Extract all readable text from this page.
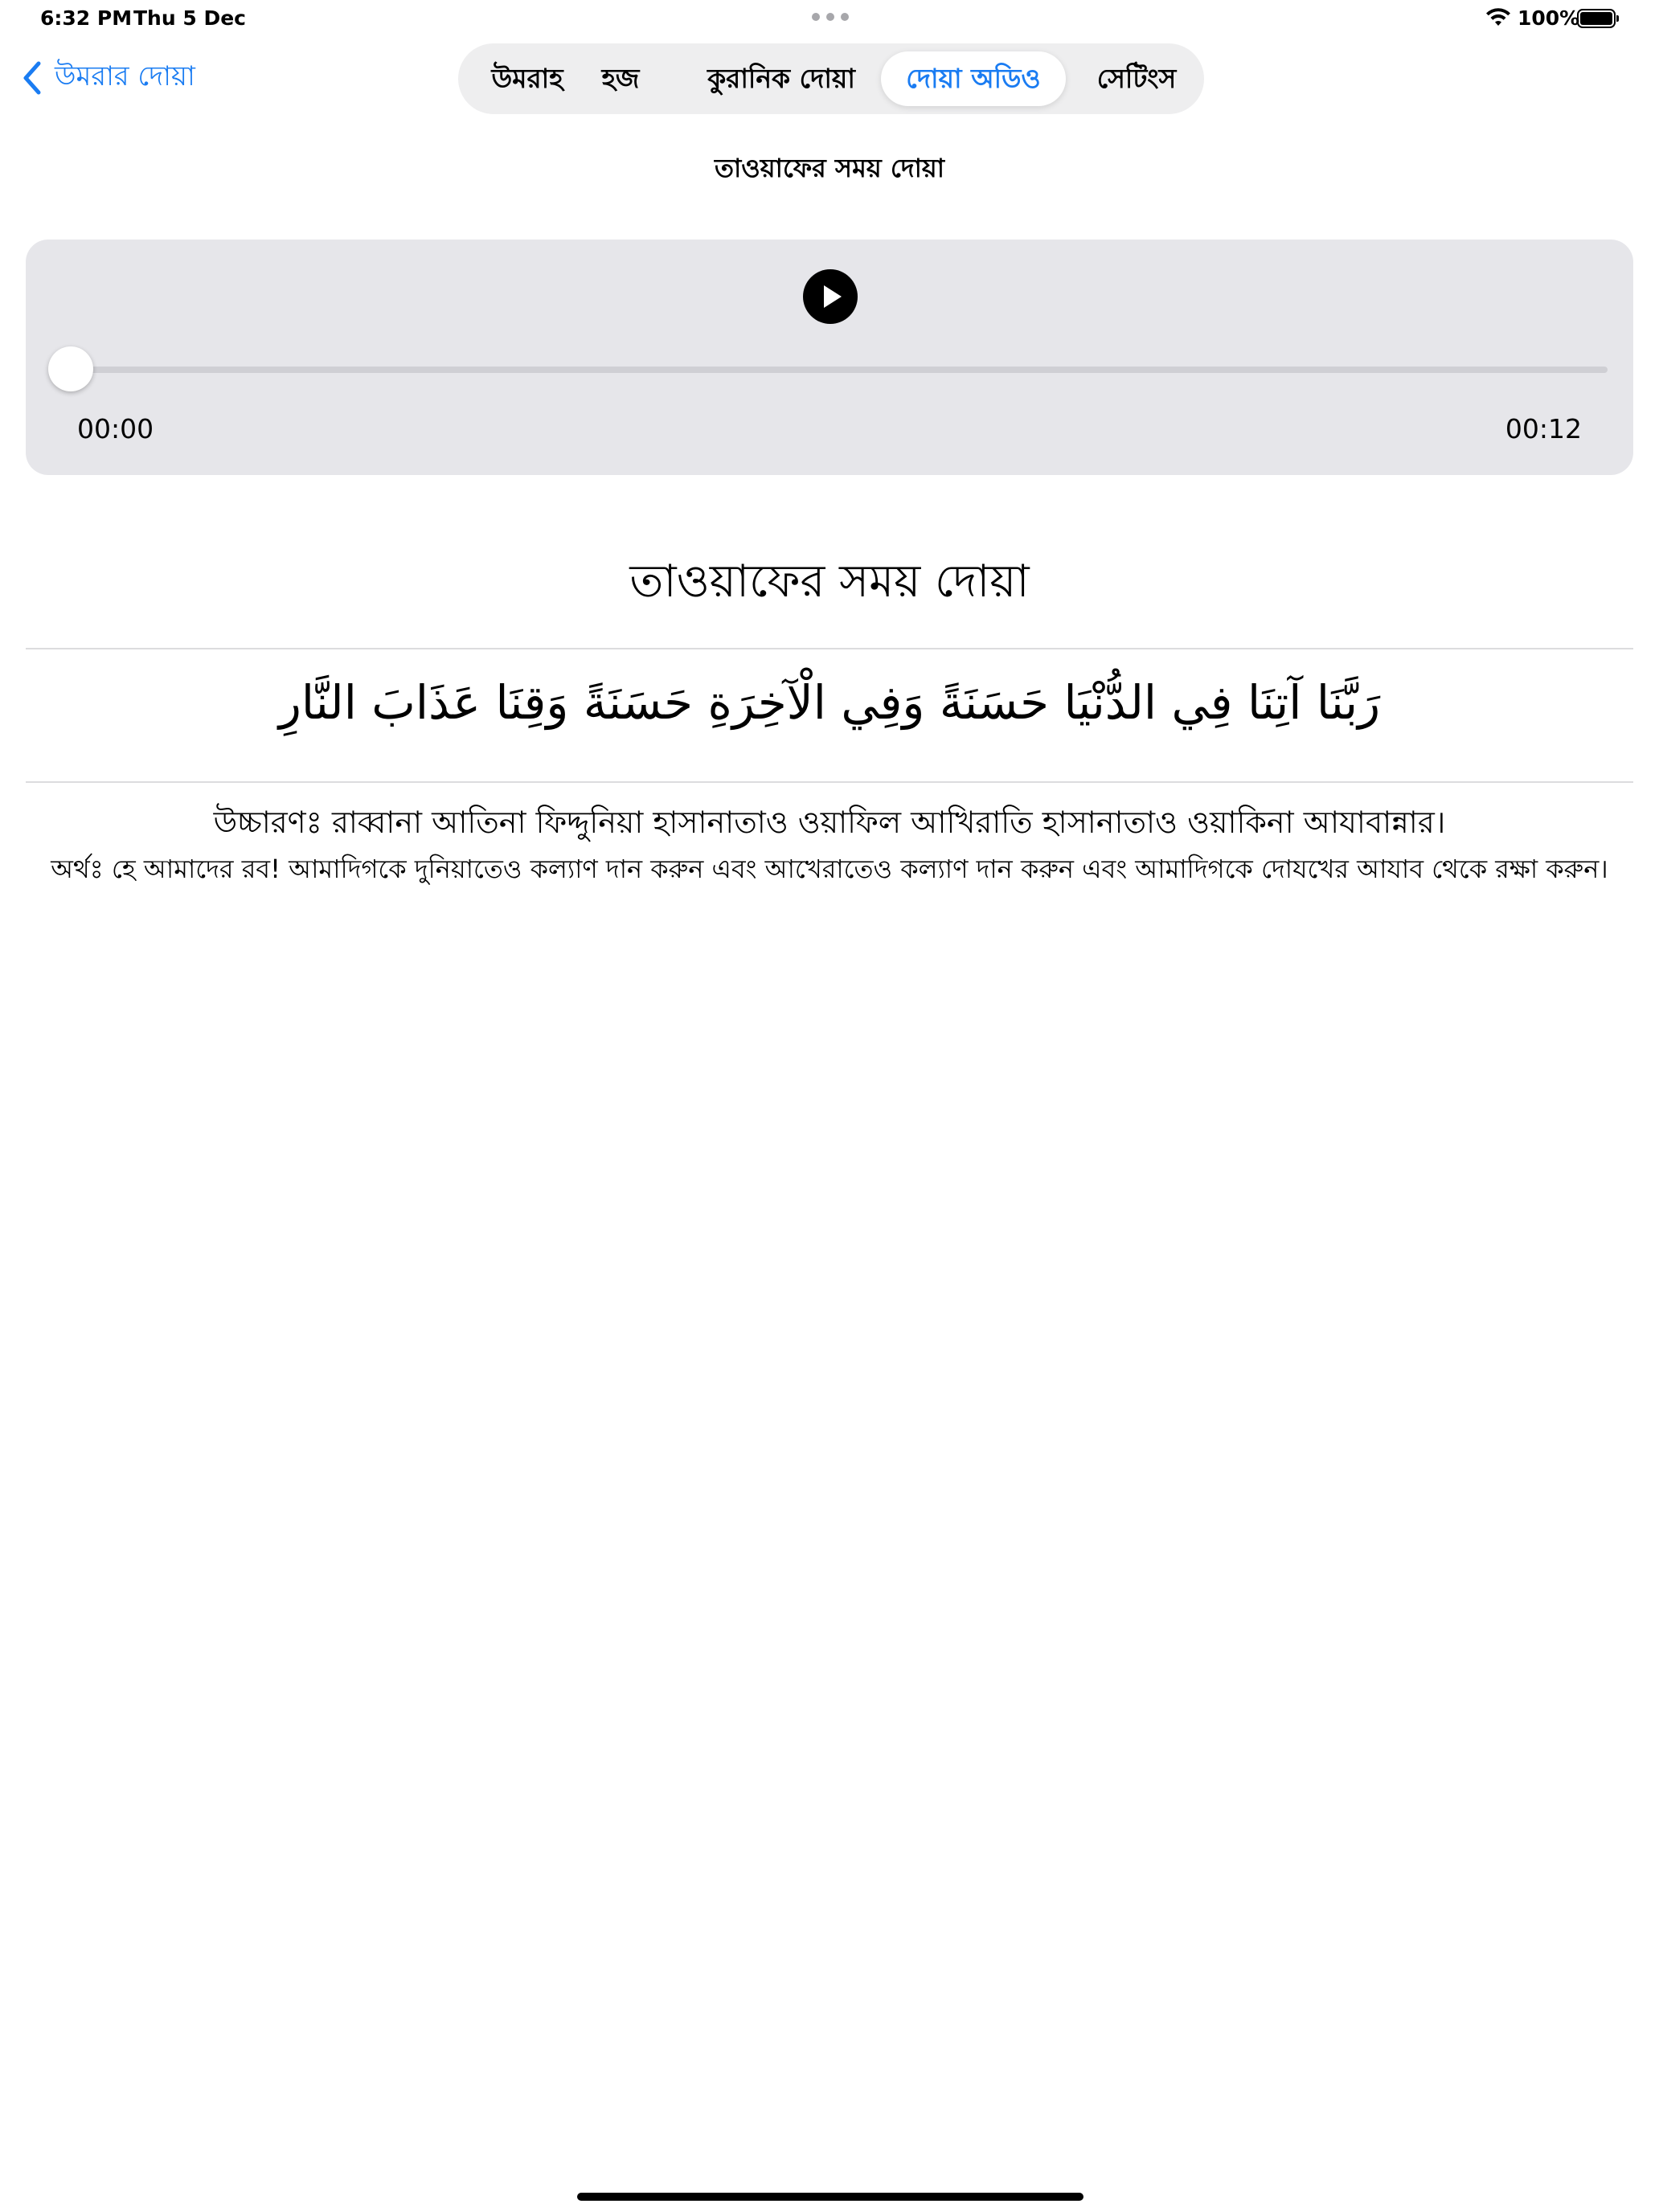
6:32 PM Thu 5 Dec	100%
উমরার দোয়া	উমরাহ	হজ	কুরানিক দোয়া	দোয়া অডিও	সেটিংস
তাওয়াফের সময় দোয়া
00:00	00:12
তাওয়াফের সময় দোয়া
رَبَّنَا آتِنَا فِي الدُّنْيَا حَسَنَةً وَفِي الْآخِرَةِ حَسَنَةً وَقِنَا عَذَابَ النَّارِ
উচ্চারণঃ রাব্বানা আতিনা ফিদ্দুনিয়া হাসানাতাও ওয়াফিল আখিরাতি হাসানাতাও ওয়াকিনা আযাবান্নার।
অর্থঃ হে আমাদের রব! আমাদিগকে দুনিয়াতেও কল্যাণ দান করুন এবং আখেরাতেও কল্যাণ দান করুন এবং আমাদিগকে দোযখের আযাব থেকে রক্ষা করুন।
